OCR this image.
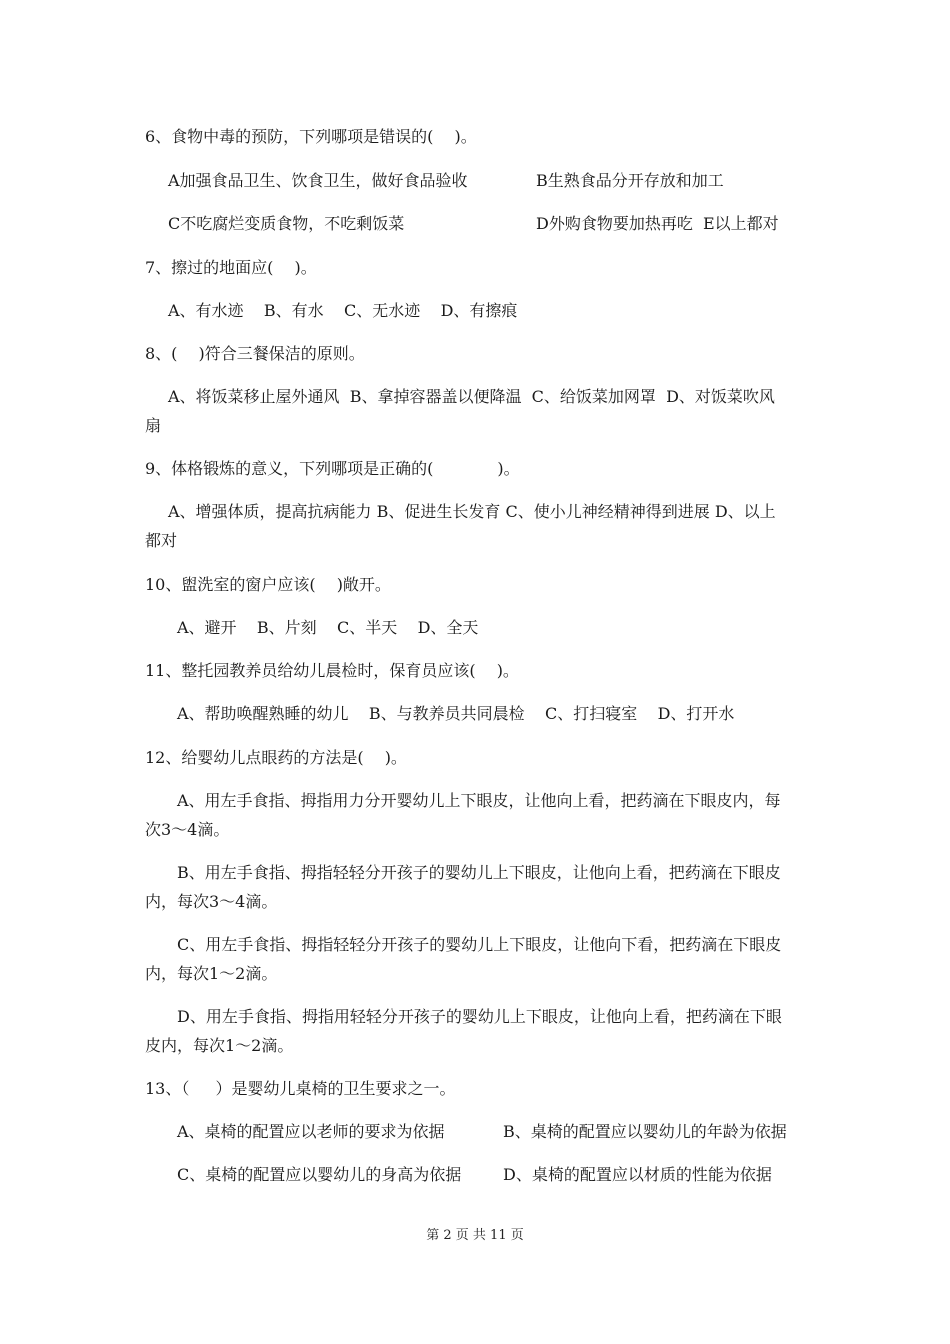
6、食物中毒的预防，下列哪项是错误的(　 )。
A加强食品卫生、饮食卫生，做好食品验收	B生熟食品分开存放和加工
C不吃腐烂变质食物，不吃剩饭菜	D外购食物要加热再吃  E以上都对
7、擦过的地面应(　 )。
A、有水迹    B、有水    C、无水迹    D、有擦痕
8、(　 )符合三餐保洁的原则。
A、将饭菜移止屋外通风  B、拿掉容器盖以便降温  C、给饭菜加网罩  D、对饭菜吹风
扇
9、体格锻炼的意义，下列哪项是正确的(　　　　)。
A、增强体质，提高抗病能力 B、促进生长发育 C、使小儿神经精神得到进展 D、以上
都对
10、盥洗室的窗户应该(　 )敞开。
A、避开    B、片刻    C、半天    D、全天
11、整托园教养员给幼儿晨检时，保育员应该(　 )。
A、帮助唤醒熟睡的幼儿    B、与教养员共同晨检    C、打扫寝室    D、打开水
12、给婴幼儿点眼药的方法是(　 )。
A、用左手食指、拇指用力分开婴幼儿上下眼皮，让他向上看，把药滴在下眼皮内，每
次3～4滴。
B、用左手食指、拇指轻轻分开孩子的婴幼儿上下眼皮，让他向上看，把药滴在下眼皮
内，每次3～4滴。
C、用左手食指、拇指轻轻分开孩子的婴幼儿上下眼皮，让他向下看，把药滴在下眼皮
内，每次1～2滴。
D、用左手食指、拇指用轻轻分开孩子的婴幼儿上下眼皮，让他向上看，把药滴在下眼
皮内，每次1～2滴。
13、（　  ）是婴幼儿桌椅的卫生要求之一。
A、桌椅的配置应以老师的要求为依据	B、桌椅的配置应以婴幼儿的年龄为依据
C、桌椅的配置应以婴幼儿的身高为依据	D、桌椅的配置应以材质的性能为依据
第 2 页 共 11 页
